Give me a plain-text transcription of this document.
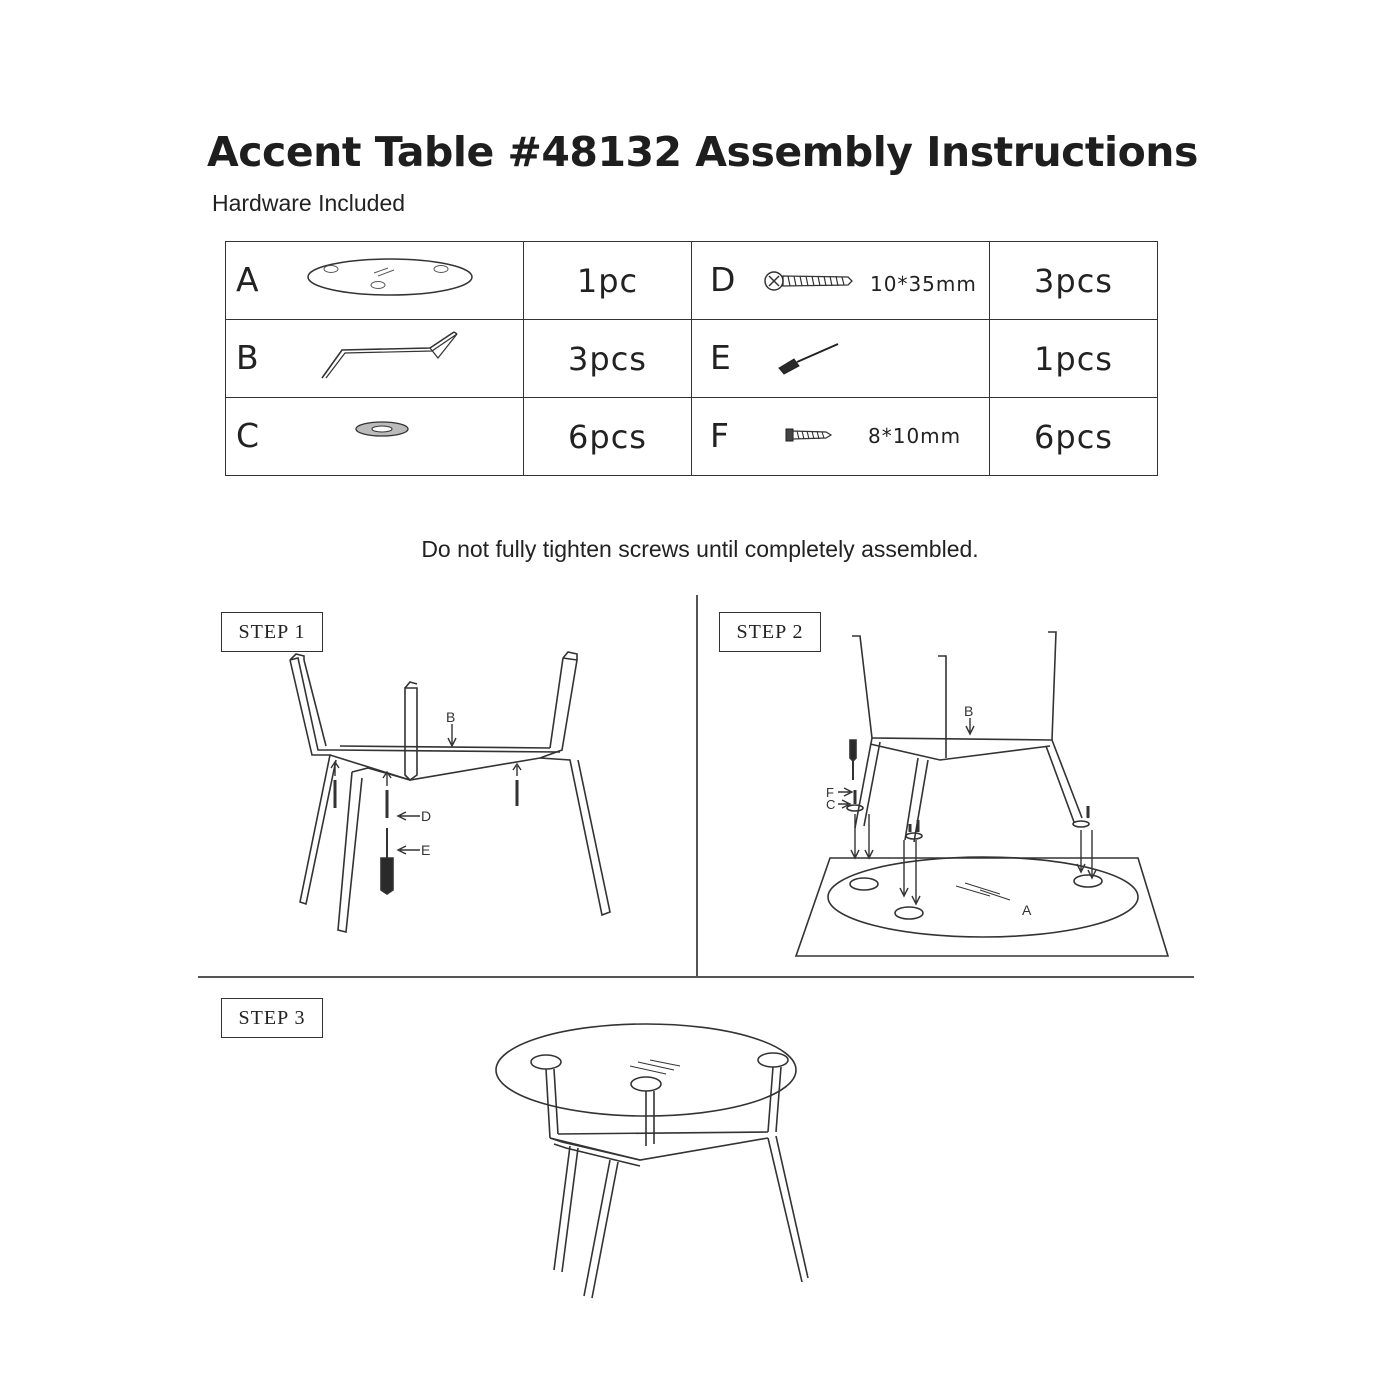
Accent Table #48132 Assembly Instructions
Hardware Included
A	1pc	D 10*35mm	3pcs

B	3pcs	E	1pcs

C	6pcs	F 8*10mm	6pcs
Do not fully tighten screws until completely assembled.
STEP 1	STEP 2
STEP 3
B
D
E
B
F
C
A
